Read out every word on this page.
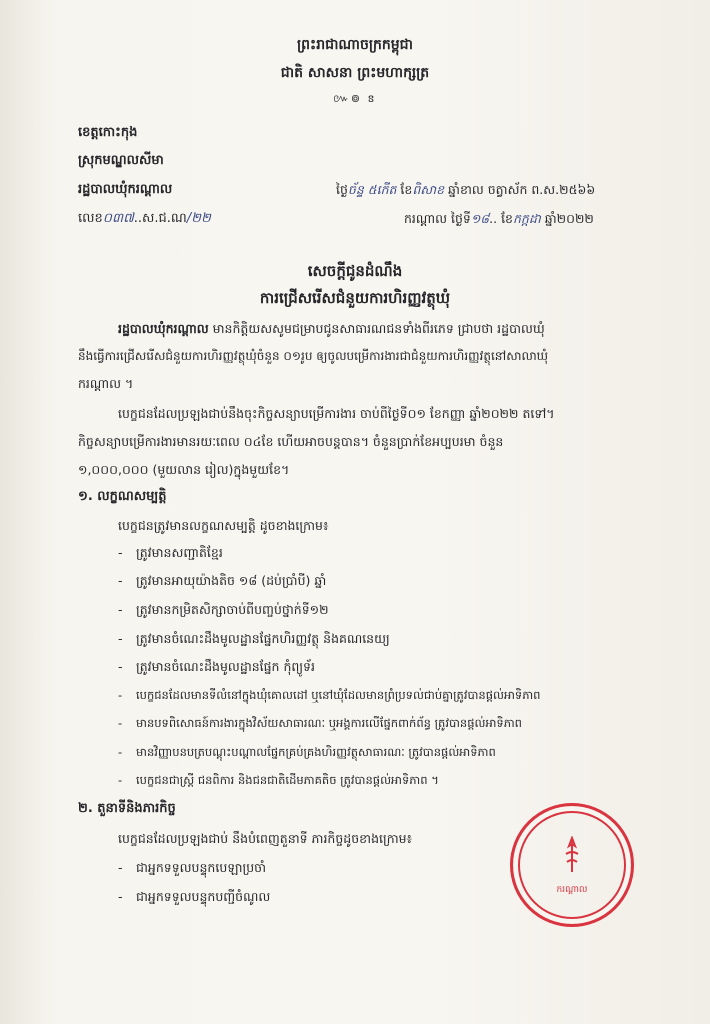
ព្រះរាជាណាចក្រកម្ពុជា
ជាតិ សាសនា ព្រះមហាក្សត្រ
៚៙ ៜ
ខេត្តកោះកុង
ស្រុកមណ្ឌលសីមា
រដ្ឋបាលឃុំករណ្តាល
លេខ០៣៧..ស.ជ.ណ/២២
ថ្ងៃច័ន្ទ ៥កេីត ខែពិសាខ ឆ្នាំខាល ចត្វាស័ក ព.ស.២៥៦៦
ករណ្តាល ថ្ងៃទី១៨.. ខែកក្កដា ឆ្នាំ២០២២
សេចក្តីជូនដំណឹង
ការជ្រើសរើសជំនួយការហិរញ្ញវត្ថុឃុំ
រដ្ឋបាលឃុំករណ្តាល មានកិត្តិយសសូមជម្រាបជូនសាធារណជនទាំងពីរភេទ ជ្រាបថា រដ្ឋបាលឃុំ
នឹងធ្វើការជ្រើសរើសជំនួយការហិរញ្ញវត្ថុឃុំចំនួន ០១រូប ឲ្យចូលបម្រើការងារជាជំនួយការហិរញ្ញវត្ថុនៅសាលាឃុំ
ករណ្តាល ។
បេក្ខជនដែលប្រឡងជាប់នឹងចុះកិច្ចសន្យាបម្រើការងារ ចាប់ពីថ្ងៃទី០១ ខែកញ្ញា ឆ្នាំ២០២២ តទៅ។
កិច្ចសន្យាបម្រើការងារមានរយៈពេល ០៤ខែ ហើយអាចបន្តបាន។ ចំនួនប្រាក់ខែអប្បបរមា ចំនួន
១,០០០,០០០ (មួយលាន រៀល)ក្នុងមួយខែ។
១. លក្ខណសម្បត្តិ
បេក្ខជនត្រូវមានលក្ខណសម្បត្តិ ដូចខាងក្រោម៖
- ត្រូវមានសញ្ជាតិខ្មែរ
- ត្រូវមានអាយុយ៉ាងតិច ១៨ (ដប់ប្រាំបី) ឆ្នាំ
- ត្រូវមានកម្រិតសិក្សាចាប់ពីបញ្ចប់ថ្នាក់ទី១២
- ត្រូវមានចំណេះដឹងមូលដ្ឋានផ្នែកហិរញ្ញវត្ថុ និងគណនេយ្យ
- ត្រូវមានចំណេះដឹងមូលដ្ឋានផ្នែក កុំព្យូទ័រ
- បេក្ខជនដែលមានទីលំនៅក្នុងឃុំគោលដៅ ឬនៅឃុំដែលមានព្រំប្រទល់ជាប់គ្នាត្រូវបានផ្តល់អាទិភាព
- មានបទពិសោធន៍ការងារក្នុងវិស័យសាធារណៈ ឬអង្គការលើផ្នែកពាក់ព័ន្ធ ត្រូវបានផ្តល់អាទិភាព
- មានវិញ្ញាបនបត្របណ្តុះបណ្តាលផ្នែកគ្រប់គ្រងហិរញ្ញវត្ថុសាធារណៈ ត្រូវបានផ្តល់អាទិភាព
- បេក្ខជនជាស្ត្រី ជនពិការ និងជនជាតិដើមភាគតិច ត្រូវបានផ្តល់អាទិភាព ។
២. តួនាទីនិងភារកិច្ច
បេក្ខជនដែលប្រឡងជាប់ នឹងបំពេញតួនាទី ភារកិច្ចដូចខាងក្រោម៖
- ជាអ្នកទទួលបន្ទុកបេឡាប្រចាំ
- ជាអ្នកទទួលបន្ទុកបញ្ជីចំណូល	ករណ្តាល
